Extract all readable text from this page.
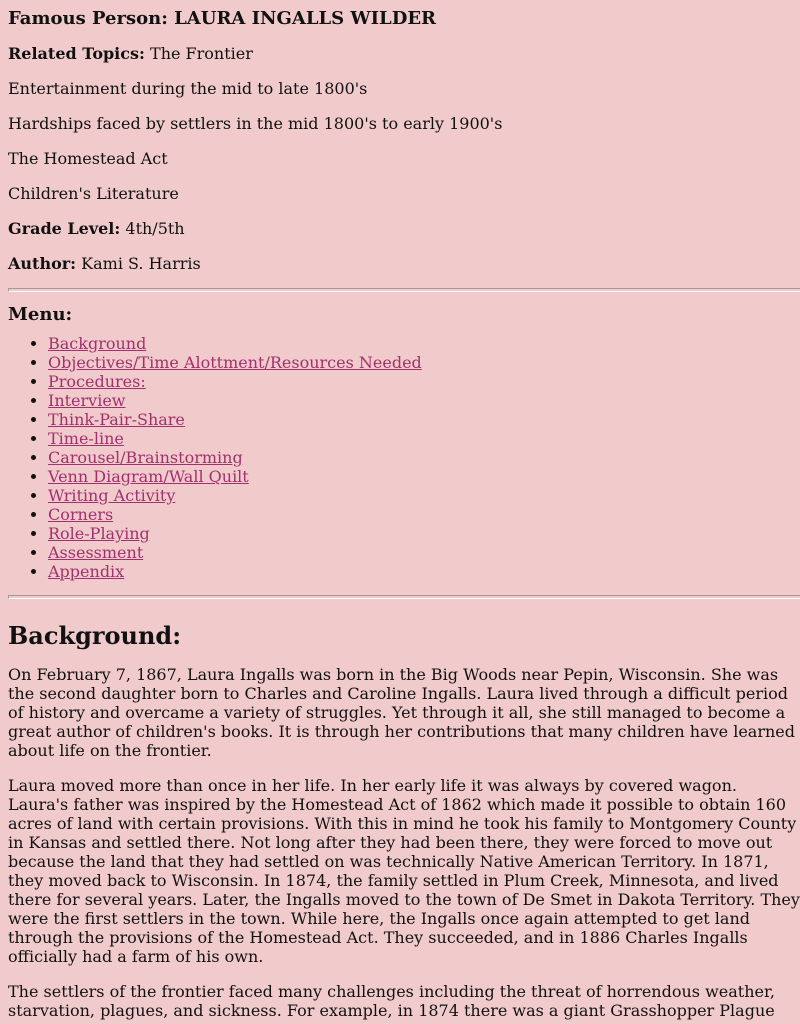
Famous Person: LAURA INGALLS WILDER

Related Topics: The Frontier

Entertainment during the mid to late 1800's

Hardships faced by settlers in the mid 1800's to early 1900's

The Homestead Act

Children's Literature

Grade Level: 4th/5th

Author: Kami S. Harris

Menu:
• Background
• Objectives/Time Alottment/Resources Needed
• Procedures:
• Interview
• Think-Pair-Share
• Time-line
• Carousel/Brainstorming
• Venn Diagram/Wall Quilt
• Writing Activity
• Corners
• Role-Playing
• Assessment
• Appendix
Background:

On February 7, 1867, Laura Ingalls was born in the Big Woods near Pepin, Wisconsin. She was the second daughter born to Charles and Caroline Ingalls. Laura lived through a difficult period of history and overcame a variety of struggles. Yet through it all, she still managed to become a great author of children's books. It is through her contributions that many children have learned about life on the frontier.

Laura moved more than once in her life. In her early life it was always by covered wagon. Laura's father was inspired by the Homestead Act of 1862 which made it possible to obtain 160 acres of land with certain provisions. With this in mind he took his family to Montgomery County in Kansas and settled there. Not long after they had been there, they were forced to move out because the land that they had settled on was technically Native American Territory. In 1871, they moved back to Wisconsin. In 1874, the family settled in Plum Creek, Minnesota, and lived there for several years. Later, the Ingalls moved to the town of De Smet in Dakota Territory. They were the first settlers in the town. While here, the Ingalls once again attempted to get land through the provisions of the Homestead Act. They succeeded, and in 1886 Charles Ingalls officially had a farm of his own.

The settlers of the frontier faced many challenges including the threat of horrendous weather, starvation, plagues, and sickness. For example, in 1874 there was a giant Grasshopper Plague
